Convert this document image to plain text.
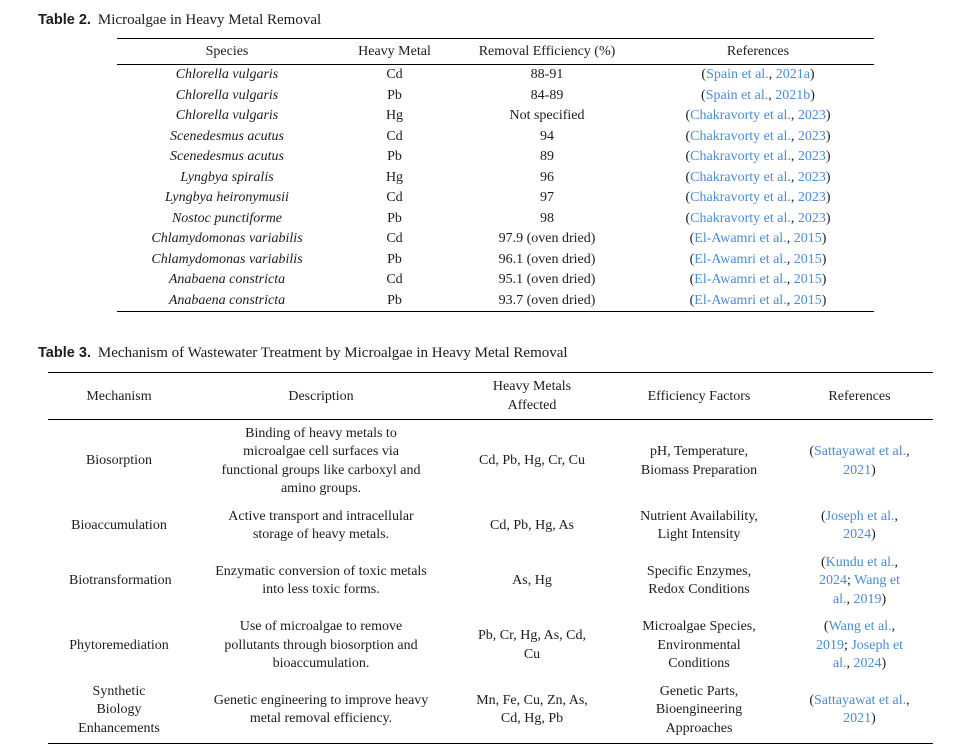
Table 2. Microalgae in Heavy Metal Removal

Species	Heavy Metal	Removal Efficiency (%)	References
Chlorella vulgaris	Cd	88-91	(Spain et al., 2021a)
Chlorella vulgaris	Pb	84-89	(Spain et al., 2021b)
Chlorella vulgaris	Hg	Not specified	(Chakravorty et al., 2023)
Scenedesmus acutus	Cd	94	(Chakravorty et al., 2023)
Scenedesmus acutus	Pb	89	(Chakravorty et al., 2023)
Lyngbya spiralis	Hg	96	(Chakravorty et al., 2023)
Lyngbya heironymusii	Cd	97	(Chakravorty et al., 2023)
Nostoc punctiforme	Pb	98	(Chakravorty et al., 2023)
Chlamydomonas variabilis	Cd	97.9 (oven dried)	(El-Awamri et al., 2015)
Chlamydomonas variabilis	Pb	96.1 (oven dried)	(El-Awamri et al., 2015)
Anabaena constricta	Cd	95.1 (oven dried)	(El-Awamri et al., 2015)
Anabaena constricta	Pb	93.7 (oven dried)	(El-Awamri et al., 2015)

Table 3. Mechanism of Wastewater Treatment by Microalgae in Heavy Metal Removal

Mechanism	Description	Heavy Metals Affected	Efficiency Factors	References
Biosorption	Binding of heavy metals to microalgae cell surfaces via functional groups like carboxyl and amino groups.	Cd, Pb, Hg, Cr, Cu	pH, Temperature, Biomass Preparation	(Sattayawat et al., 2021)
Bioaccumulation	Active transport and intracellular storage of heavy metals.	Cd, Pb, Hg, As	Nutrient Availability, Light Intensity	(Joseph et al., 2024)
Biotransformation	Enzymatic conversion of toxic metals into less toxic forms.	As, Hg	Specific Enzymes, Redox Conditions	(Kundu et al., 2024; Wang et al., 2019)
Phytoremediation	Use of microalgae to remove pollutants through biosorption and bioaccumulation.	Pb, Cr, Hg, As, Cd, Cu	Microalgae Species, Environmental Conditions	(Wang et al., 2019; Joseph et al., 2024)
Synthetic Biology Enhancements	Genetic engineering to improve heavy metal removal efficiency.	Mn, Fe, Cu, Zn, As, Cd, Hg, Pb	Genetic Parts, Bioengineering Approaches	(Sattayawat et al., 2021)
